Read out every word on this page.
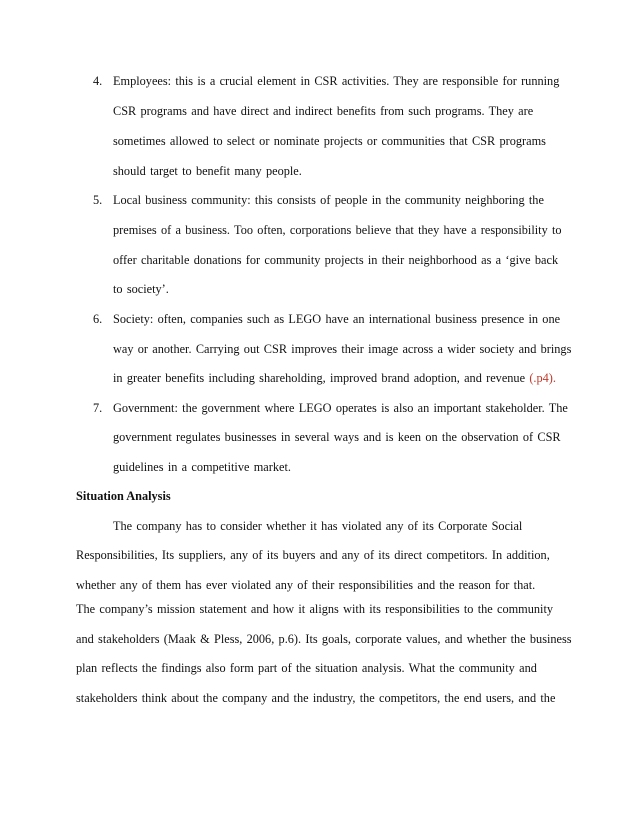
4. Employees: this is a crucial element in CSR activities. They are responsible for running
CSR programs and have direct and indirect benefits from such programs. They are
sometimes allowed to select or nominate projects or communities that CSR programs
should target to benefit many people.
5. Local business community: this consists of people in the community neighboring the
premises of a business. Too often, corporations believe that they have a responsibility to
offer charitable donations for community projects in their neighborhood as a ‘give back
to society’.
6. Society: often, companies such as LEGO have an international business presence in one
way or another. Carrying out CSR improves their image across a wider society and brings
in greater benefits including shareholding, improved brand adoption, and revenue (.p4).
7. Government: the government where LEGO operates is also an important stakeholder. The
government regulates businesses in several ways and is keen on the observation of CSR
guidelines in a competitive market.
Situation Analysis
The company has to consider whether it has violated any of its Corporate Social
Responsibilities, Its suppliers, any of its buyers and any of its direct competitors. In addition,
whether any of them has ever violated any of their responsibilities and the reason for that.
The company’s mission statement and how it aligns with its responsibilities to the community
and stakeholders (Maak & Pless, 2006, p.6). Its goals, corporate values, and whether the business
plan reflects the findings also form part of the situation analysis. What the community and
stakeholders think about the company and the industry, the competitors, the end users, and the
